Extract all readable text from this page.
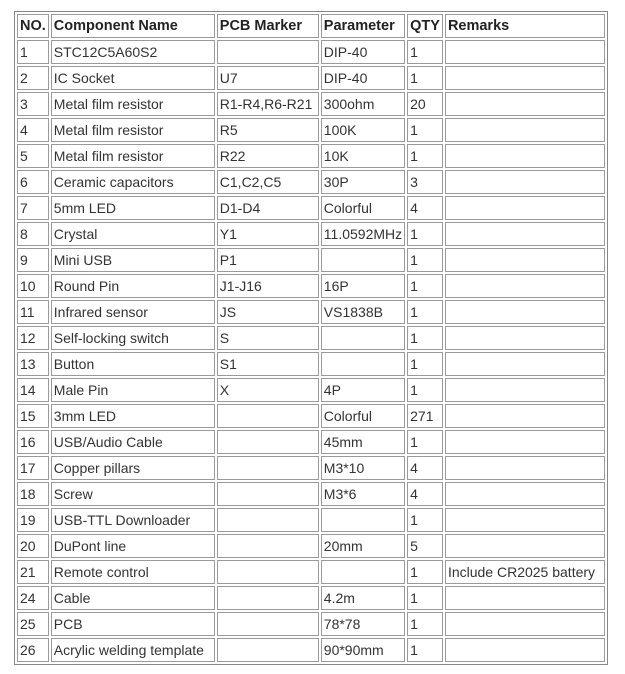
NO.	Component Name	PCB Marker	Parameter	QTY	Remarks
1	STC12C5A60S2		DIP-40	1	
2	IC Socket	U7	DIP-40	1	
3	Metal film resistor	R1-R4,R6-R21	300ohm	20	
4	Metal film resistor	R5	100K	1	
5	Metal film resistor	R22	10K	1	
6	Ceramic capacitors	C1,C2,C5	30P	3	
7	5mm LED	D1-D4	Colorful	4	
8	Crystal	Y1	11.0592MHz	1	
9	Mini USB	P1		1	
10	Round Pin	J1-J16	16P	1	
11	Infrared sensor	JS	VS1838B	1	
12	Self-locking switch	S		1	
13	Button	S1		1	
14	Male Pin	X	4P	1	
15	3mm LED		Colorful	271	
16	USB/Audio Cable		45mm	1	
17	Copper pillars		M3*10	4	
18	Screw		M3*6	4	
19	USB-TTL Downloader			1	
20	DuPont line		20mm	5	
21	Remote control			1	Include CR2025 battery
24	Cable		4.2m	1	
25	PCB		78*78	1	
26	Acrylic welding template		90*90mm	1	
